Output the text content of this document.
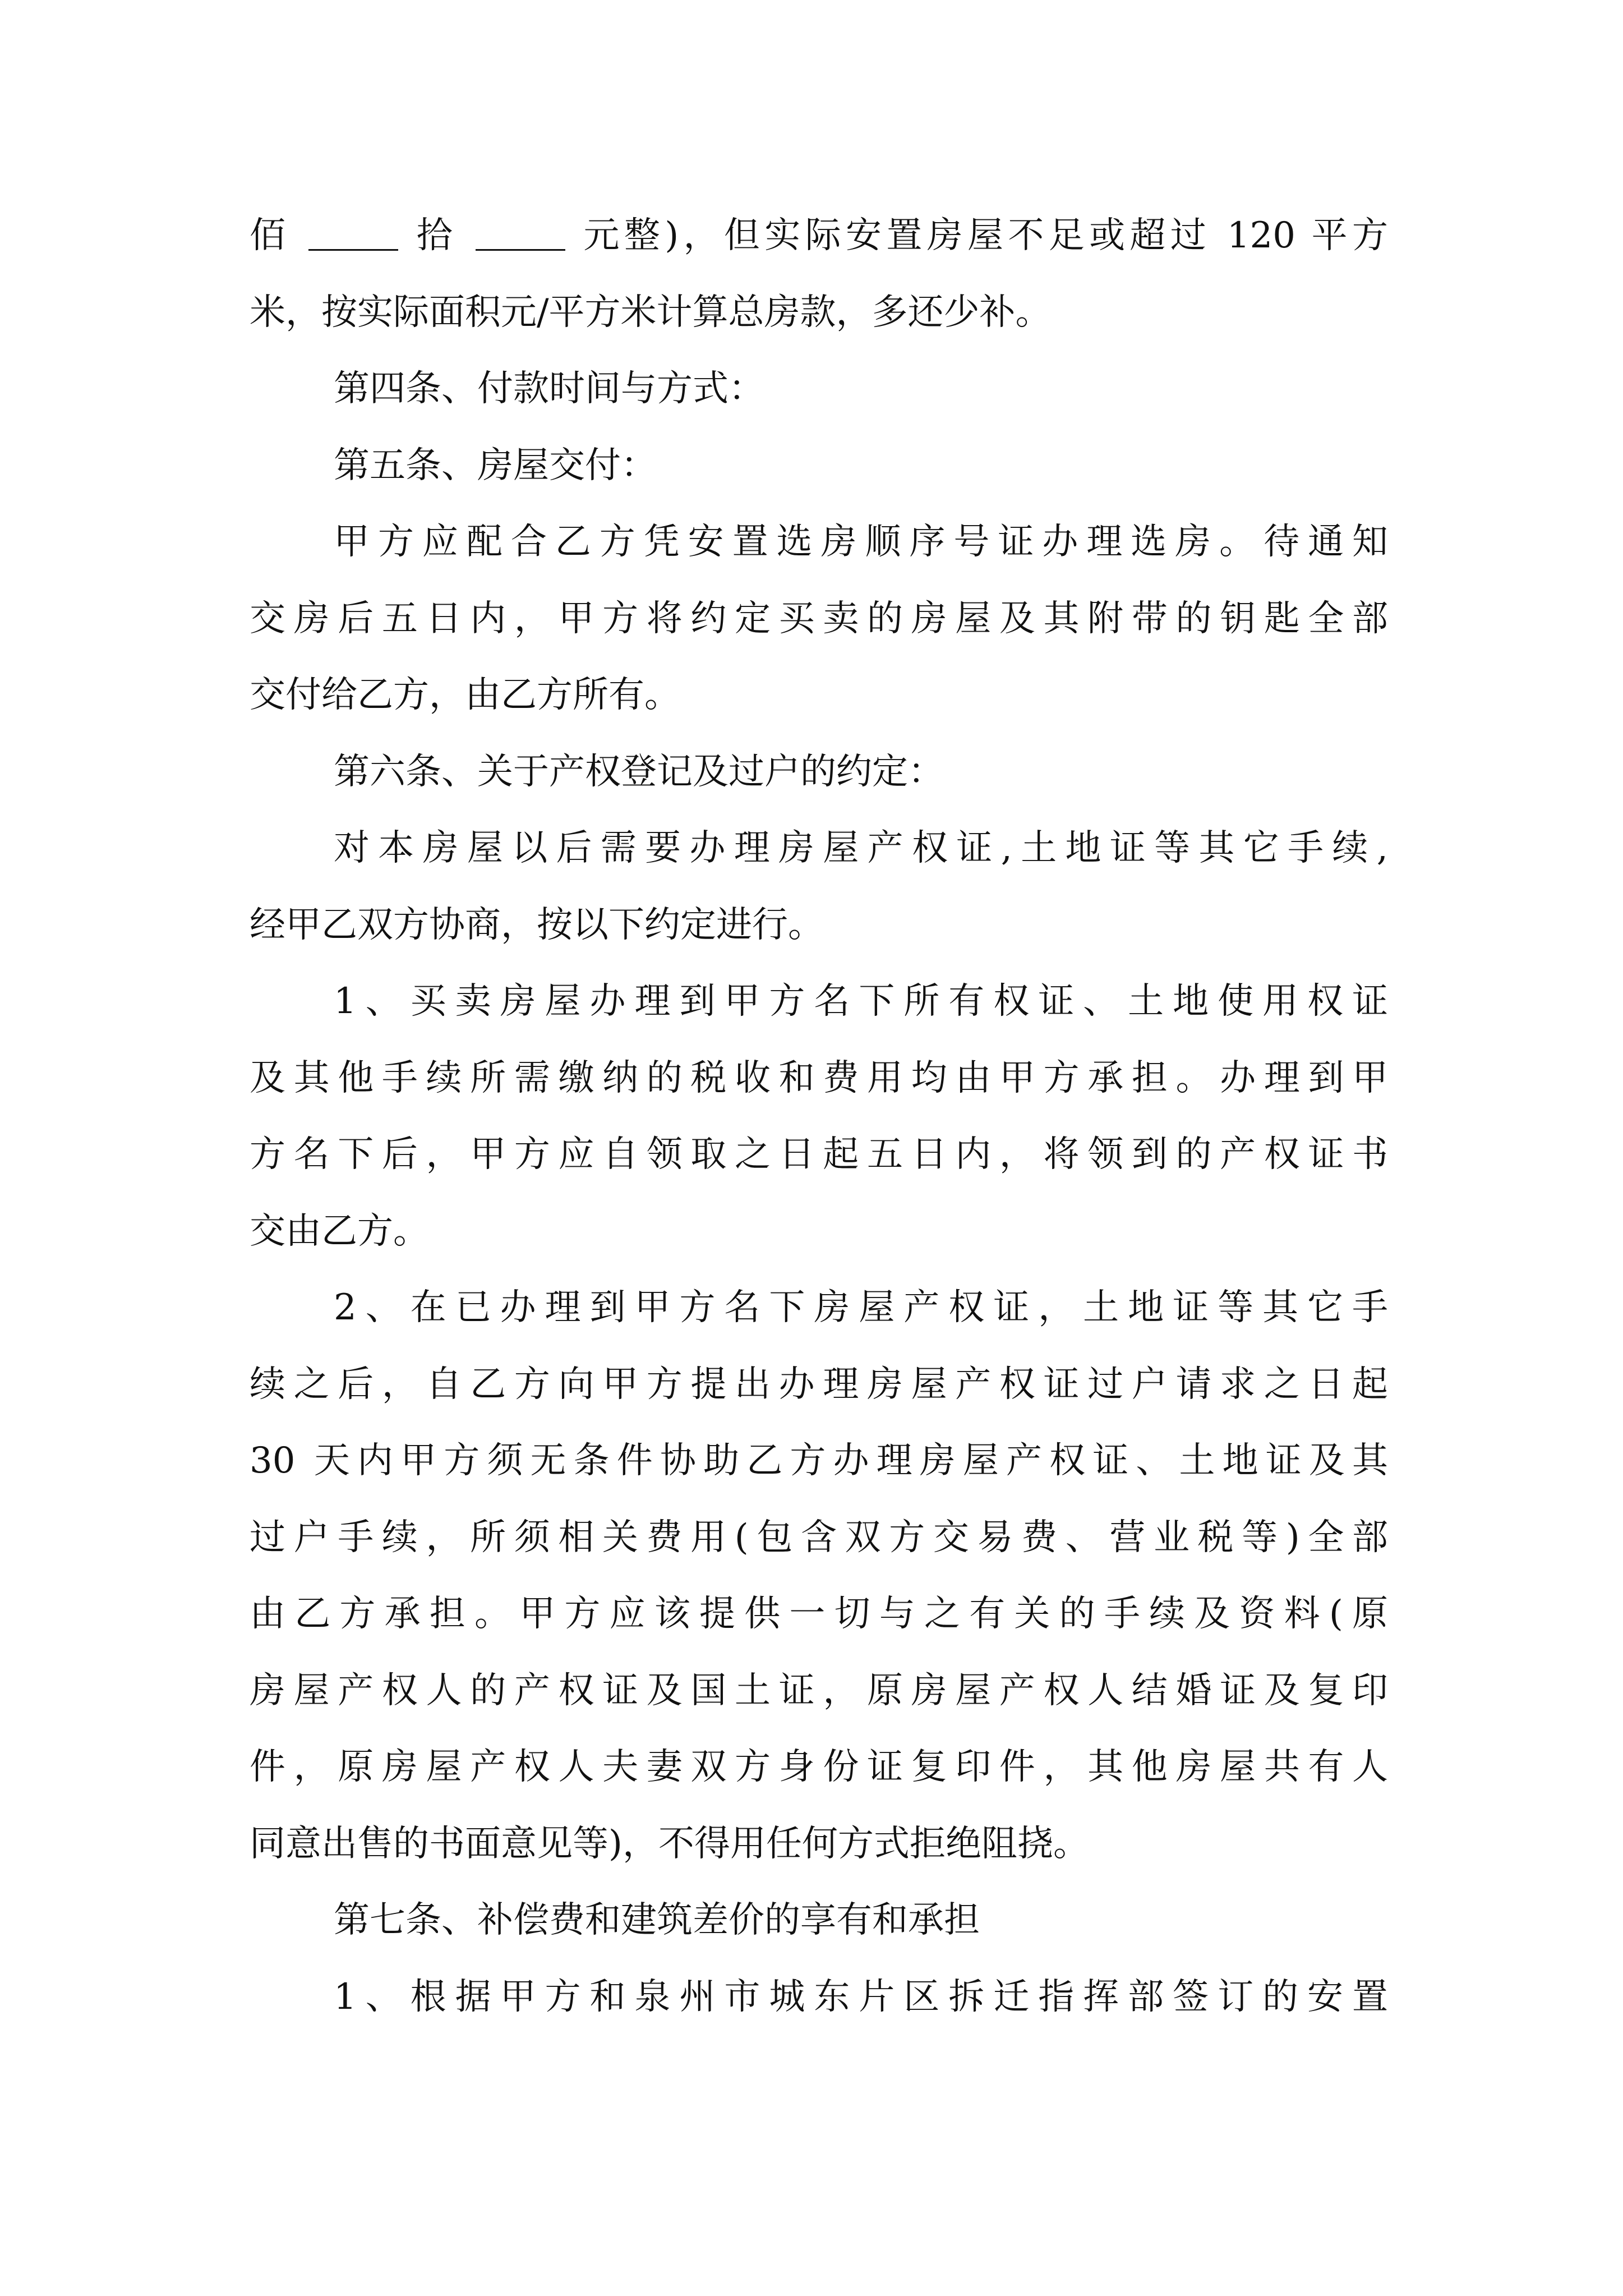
佰	拾	元整)，但实际安置房屋不足或超过 120 平方
米，按实际面积元/平方米计算总房款，多还少补。
第四条、付款时间与方式：
第五条、房屋交付：
甲方应配合乙方凭安置选房顺序号证办理选房。待通知
交房后五日内，甲方将约定买卖的房屋及其附带的钥匙全部
交付给乙方，由乙方所有。
第六条、关于产权登记及过户的约定：
对本房屋以后需要办理房屋产权证,土地证等其它手续,
经甲乙双方协商，按以下约定进行。
1、买卖房屋办理到甲方名下所有权证、土地使用权证
及其他手续所需缴纳的税收和费用均由甲方承担。办理到甲
方名下后，甲方应自领取之日起五日内，将领到的产权证书
交由乙方。
2、在已办理到甲方名下房屋产权证，土地证等其它手
续之后，自乙方向甲方提出办理房屋产权证过户请求之日起
30 天内甲方须无条件协助乙方办理房屋产权证、土地证及其
过户手续，所须相关费用(包含双方交易费、营业税等)全部
由乙方承担。甲方应该提供一切与之有关的手续及资料(原
房屋产权人的产权证及国土证，原房屋产权人结婚证及复印
件，原房屋产权人夫妻双方身份证复印件，其他房屋共有人
同意出售的书面意见等)，不得用任何方式拒绝阻挠。
第七条、补偿费和建筑差价的享有和承担
1、根据甲方和泉州市城东片区拆迁指挥部签订的安置
